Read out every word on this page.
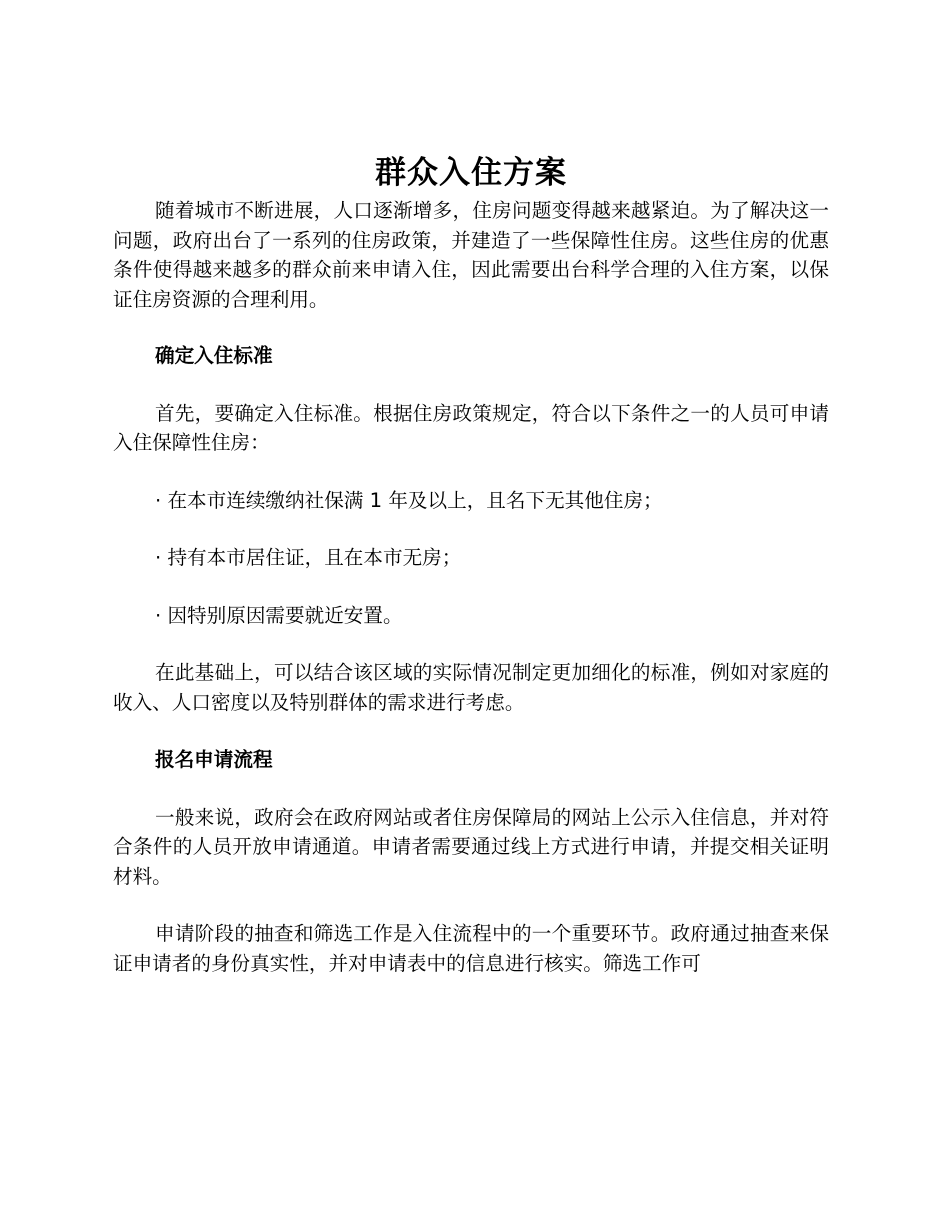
群众入住方案

随着城市不断进展，人口逐渐增多，住房问题变得越来越紧迫。为了解决这一问题，政府出台了一系列的住房政策，并建造了一些保障性住房。这些住房的优惠条件使得越来越多的群众前来申请入住，因此需要出台科学合理的入住方案，以保证住房资源的合理利用。

确定入住标准

首先，要确定入住标准。根据住房政策规定，符合以下条件之一的人员可申请入住保障性住房：

· 在本市连续缴纳社保满 1 年及以上，且名下无其他住房；

· 持有本市居住证，且在本市无房；

· 因特别原因需要就近安置。

在此基础上，可以结合该区域的实际情况制定更加细化的标准，例如对家庭的收入、人口密度以及特别群体的需求进行考虑。

报名申请流程

一般来说，政府会在政府网站或者住房保障局的网站上公示入住信息，并对符合条件的人员开放申请通道。申请者需要通过线上方式进行申请，并提交相关证明材料。

申请阶段的抽查和筛选工作是入住流程中的一个重要环节。政府通过抽查来保证申请者的身份真实性，并对申请表中的信息进行核实。筛选工作可
